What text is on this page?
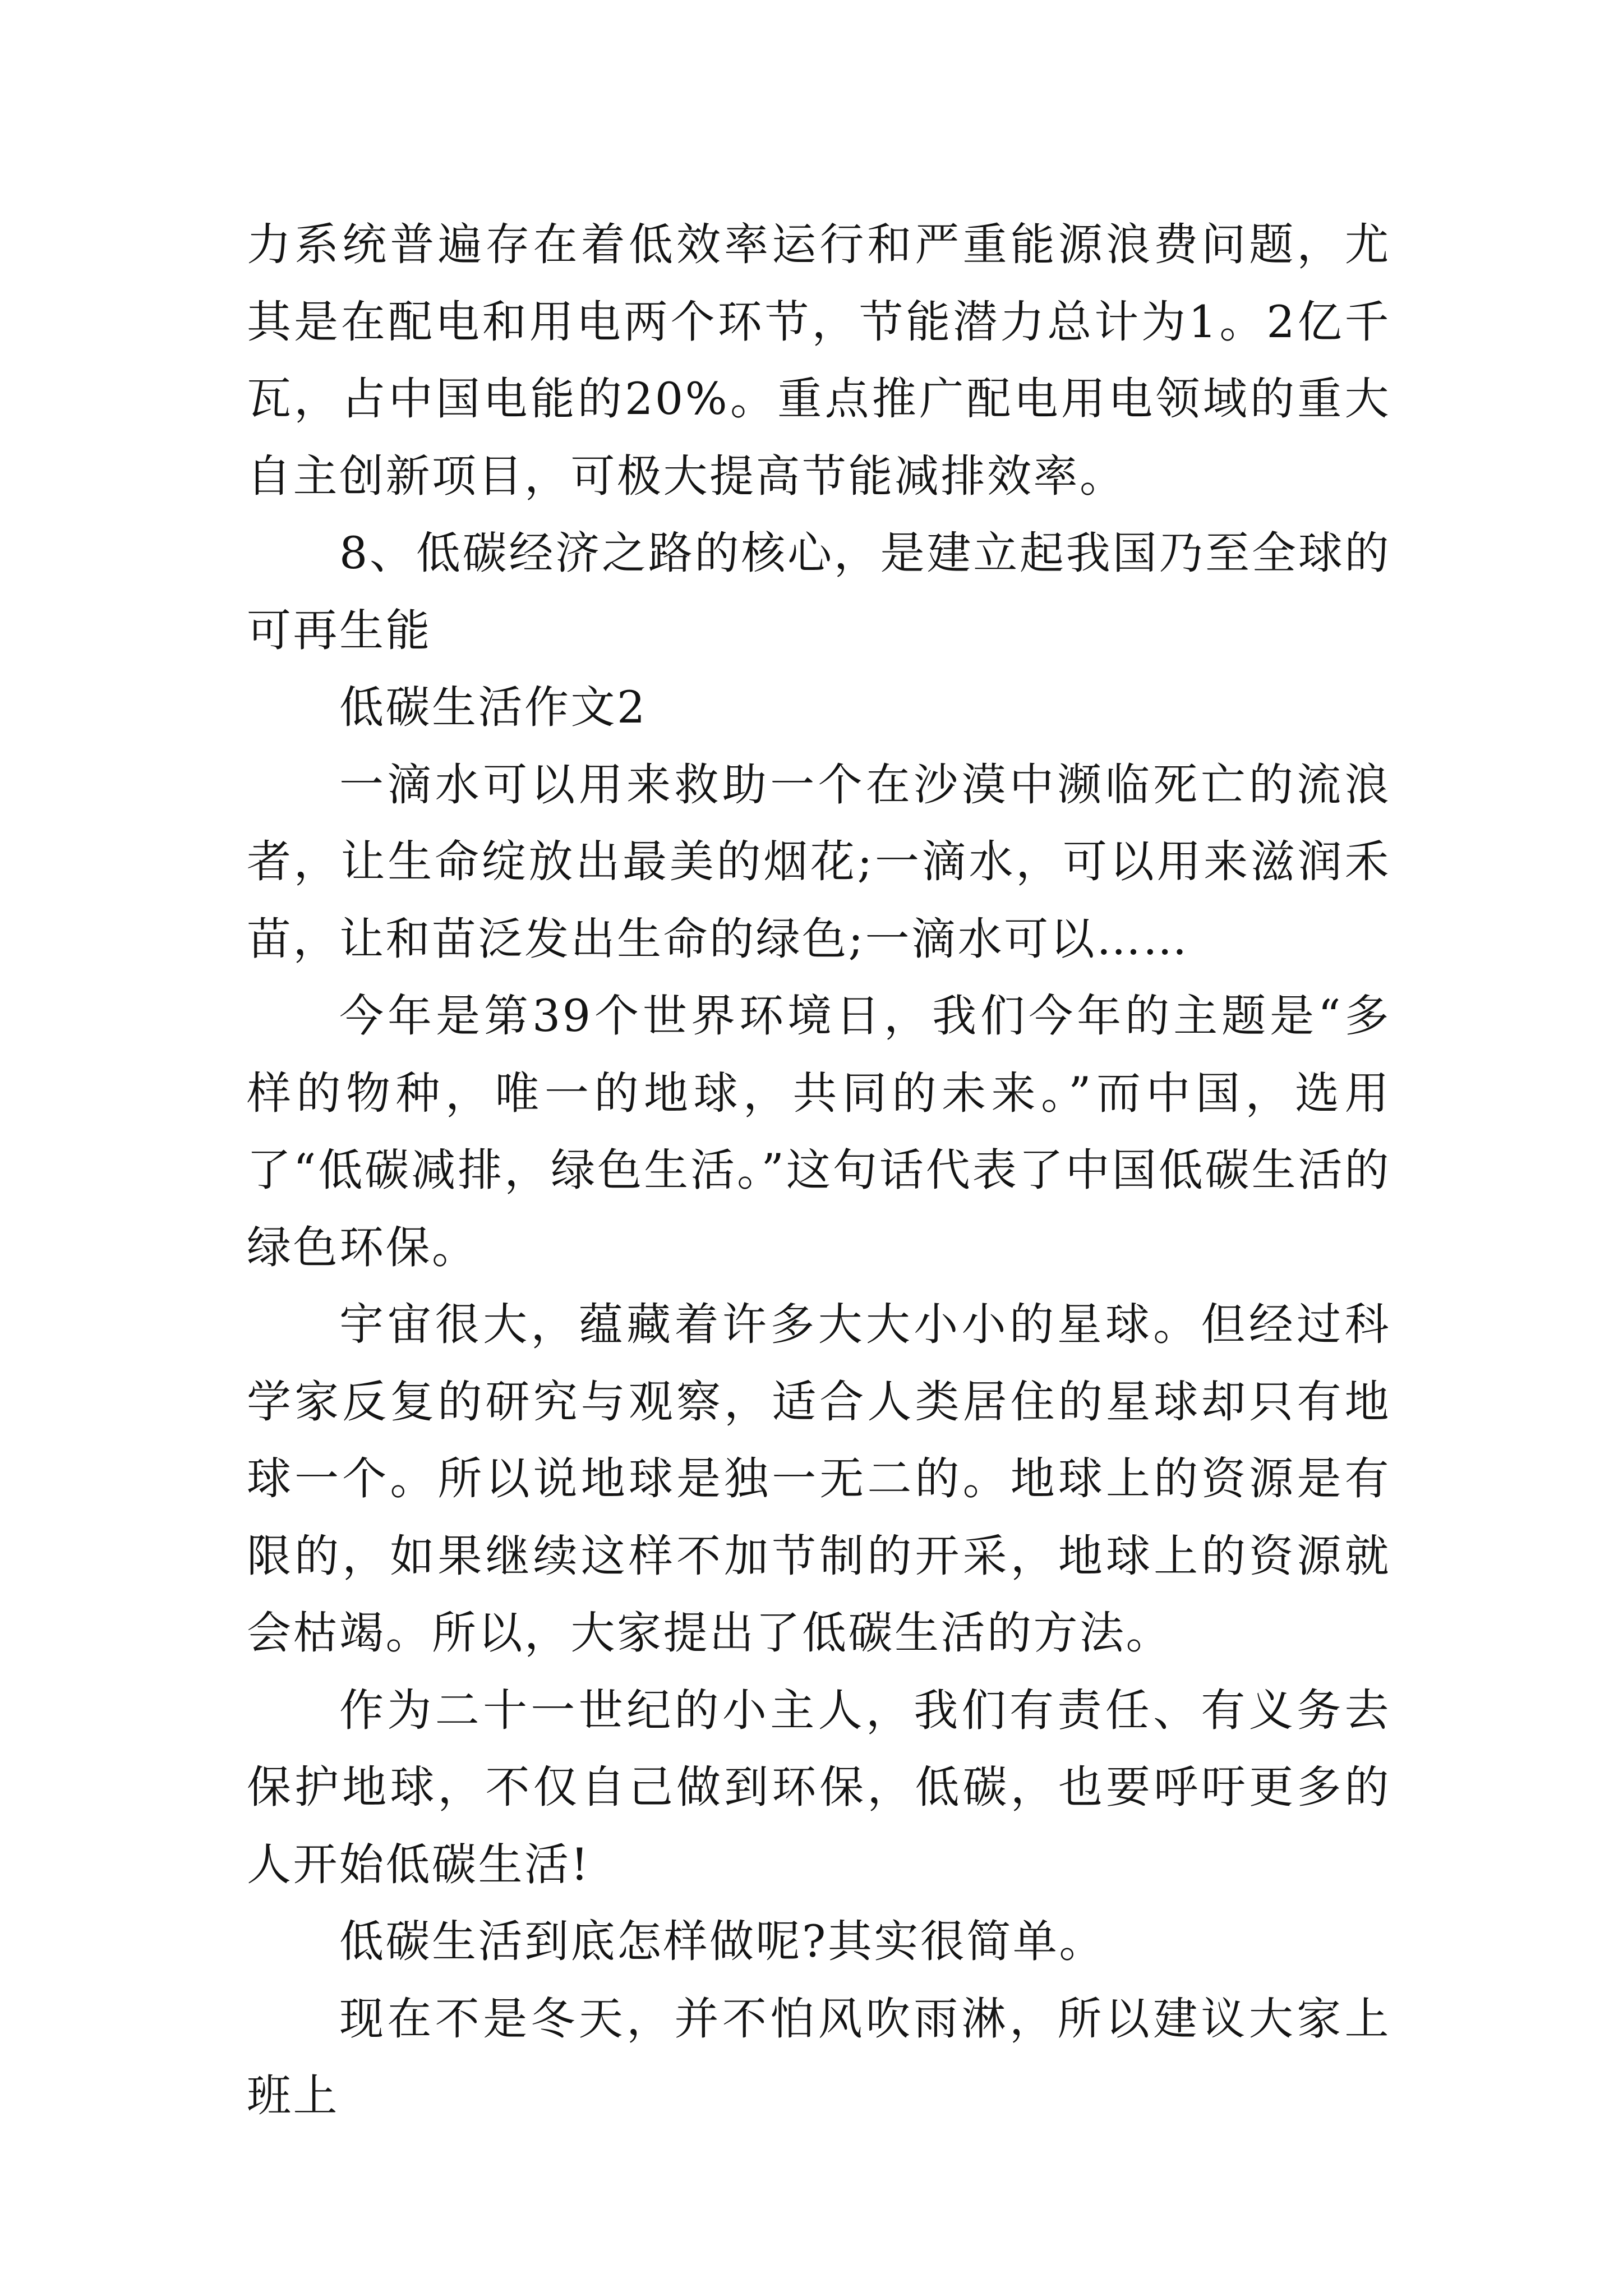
力系统普遍存在着低效率运行和严重能源浪费问题，尤其是在配电和用电两个环节，节能潜力总计为1。2亿千瓦，占中国电能的20%。重点推广配电用电领域的重大自主创新项目，可极大提高节能减排效率。

8、低碳经济之路的核心，是建立起我国乃至全球的可再生能

低碳生活作文2

一滴水可以用来救助一个在沙漠中濒临死亡的流浪者，让生命绽放出最美的烟花;一滴水，可以用来滋润禾苗，让和苗泛发出生命的绿色;一滴水可以……

今年是第39个世界环境日，我们今年的主题是“多样的物种，唯一的地球，共同的未来。”而中国，选用了“低碳减排，绿色生活。”这句话代表了中国低碳生活的绿色环保。

宇宙很大，蕴藏着许多大大小小的星球。但经过科学家反复的研究与观察，适合人类居住的星球却只有地球一个。所以说地球是独一无二的。地球上的资源是有限的，如果继续这样不加节制的开采，地球上的资源就会枯竭。所以，大家提出了低碳生活的方法。

作为二十一世纪的小主人，我们有责任、有义务去保护地球，不仅自己做到环保，低碳，也要呼吁更多的人开始低碳生活!

低碳生活到底怎样做呢?其实很简单。

现在不是冬天，并不怕风吹雨淋，所以建议大家上班上
